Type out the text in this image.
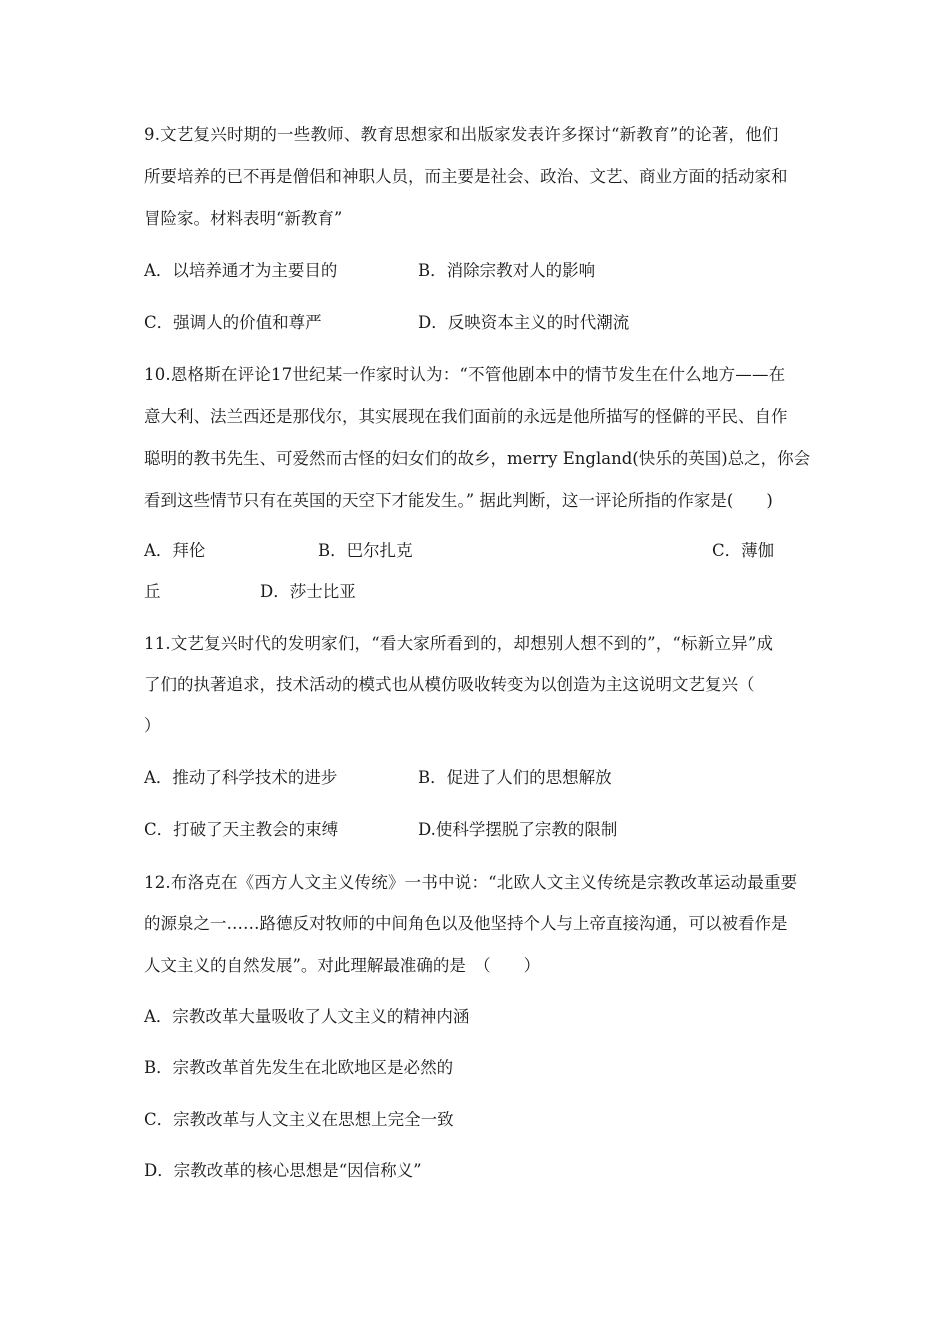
9.文艺复兴时期的一些教师、教育思想家和出版家发表许多探讨“新教育”的论著，他们
所要培养的已不再是僧侣和神职人员，而主要是社会、政治、文艺、商业方面的括动家和
冒险家。材料表明“新教育”
A．以培养通才为主要目的	B．消除宗教对人的影响
C．强调人的价值和尊严	D．反映资本主义的时代潮流
10.恩格斯在评论17世纪某一作家时认为：“不管他剧本中的情节发生在什么地方——在
意大利、法兰西还是那伐尔，其实展现在我们面前的永远是他所描写的怪僻的平民、自作
聪明的教书先生、可爱然而古怪的妇女们的故乡，merry England(快乐的英国)总之，你会
看到这些情节只有在英国的天空下才能发生。” 据此判断，这一评论所指的作家是(　　)
A．拜伦	B．巴尔扎克	C．薄伽
丘	D．莎士比亚
11.文艺复兴时代的发明家们，“看大家所看到的，却想别人想不到的”，“标新立异”成
了们的执著追求，技术活动的模式也从模仿吸收转变为以创造为主这说明文艺复兴（
）
A．推动了科学技术的进步	B．促进了人们的思想解放
C．打破了天主教会的束缚	D.使科学摆脱了宗教的限制
12.布洛克在《西方人文主义传统》一书中说：“北欧人文主义传统是宗教改革运动最重要
的源泉之一……路德反对牧师的中间角色以及他坚持个人与上帝直接沟通，可以被看作是
人文主义的自然发展”。对此理解最准确的是　（　　）
A．宗教改革大量吸收了人文主义的精神内涵
B．宗教改革首先发生在北欧地区是必然的
C．宗教改革与人文主义在思想上完全一致
D．宗教改革的核心思想是“因信称义”
